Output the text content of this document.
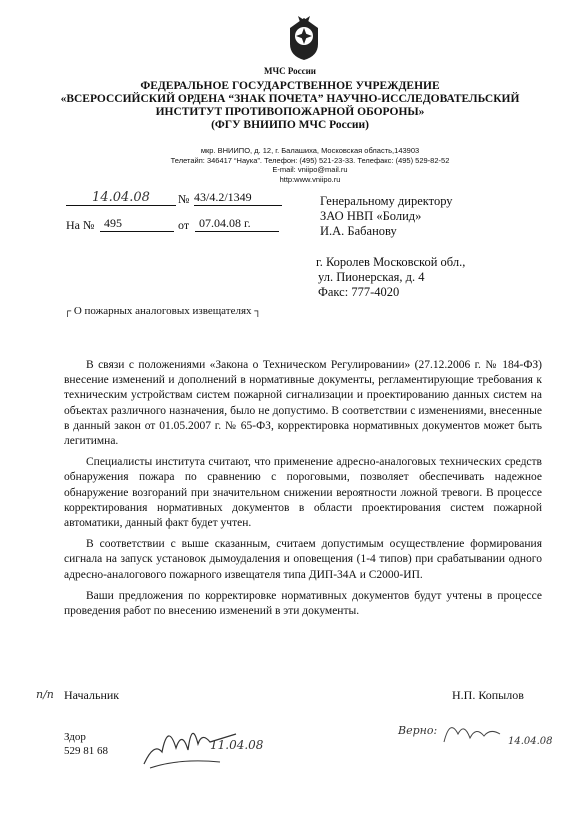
МЧС России
ФЕДЕРАЛЬНОЕ ГОСУДАРСТВЕННОЕ УЧРЕЖДЕНИЕ
«ВСЕРОССИЙСКИЙ ОРДЕНА “ЗНАК ПОЧЕТА” НАУЧНО-ИССЛЕДОВАТЕЛЬСКИЙ
ИНСТИТУТ ПРОТИВОПОЖАРНОЙ ОБОРОНЫ»
(ФГУ ВНИИПО МЧС России)
мкр. ВНИИПО, д. 12, г. Балашиха, Московская область,143903
Телетайп: 346417 “Наука”. Телефон: (495) 521-23-33. Телефакс: (495) 529-82-52
E-mail: vniipo@mail.ru
http:www.vniipo.ru
14.04.08	№ 43/4.2/1349
На № 495	от 07.04.08 г.
Генеральному директору
ЗАО НВП «Болид»
И.А. Бабанову
г. Королев Московской обл.,
ул. Пионерская, д. 4
Факс: 777-4020
┌ О пожарных аналоговых извещателях ┐

В связи с положениями «Закона о Техническом Регулировании» (27.12.2006 г. № 184-ФЗ) внесение изменений и дополнений в нормативные документы, регламентирующие требования к техническим устройствам систем пожарной сигнализации и проектированию данных систем на объектах различного назначения, было не допустимо. В соответствии с изменениями, внесенные в данный закон от 01.05.2007 г. № 65-ФЗ, корректировка нормативных документов может быть легитимна.

Специалисты института считают, что применение адресно-аналоговых технических средств обнаружения пожара по сравнению с пороговыми, позволяет обеспечивать надежное обнаружение возгораний при значительном снижении вероятности ложной тревоги. В процессе корректирования нормативных документов в области проектирования систем пожарной автоматики, данный факт будет учтен.

В соответствии с выше сказанным, считаем допустимым осуществление формирования сигнала на запуск установок дымоудаления и оповещения (1-4 типов) при срабатывании одного адресно-аналогового пожарного извещателя типа ДИП-34А и С2000-ИП.

Ваши предложения по корректировке нормативных документов будут учтены в процессе проведения работ по внесению изменений в эти документы.

п/п Начальник	Н.П. Копылов
11.04.08
Верно:
14.04.08
Здор
529 81 68
